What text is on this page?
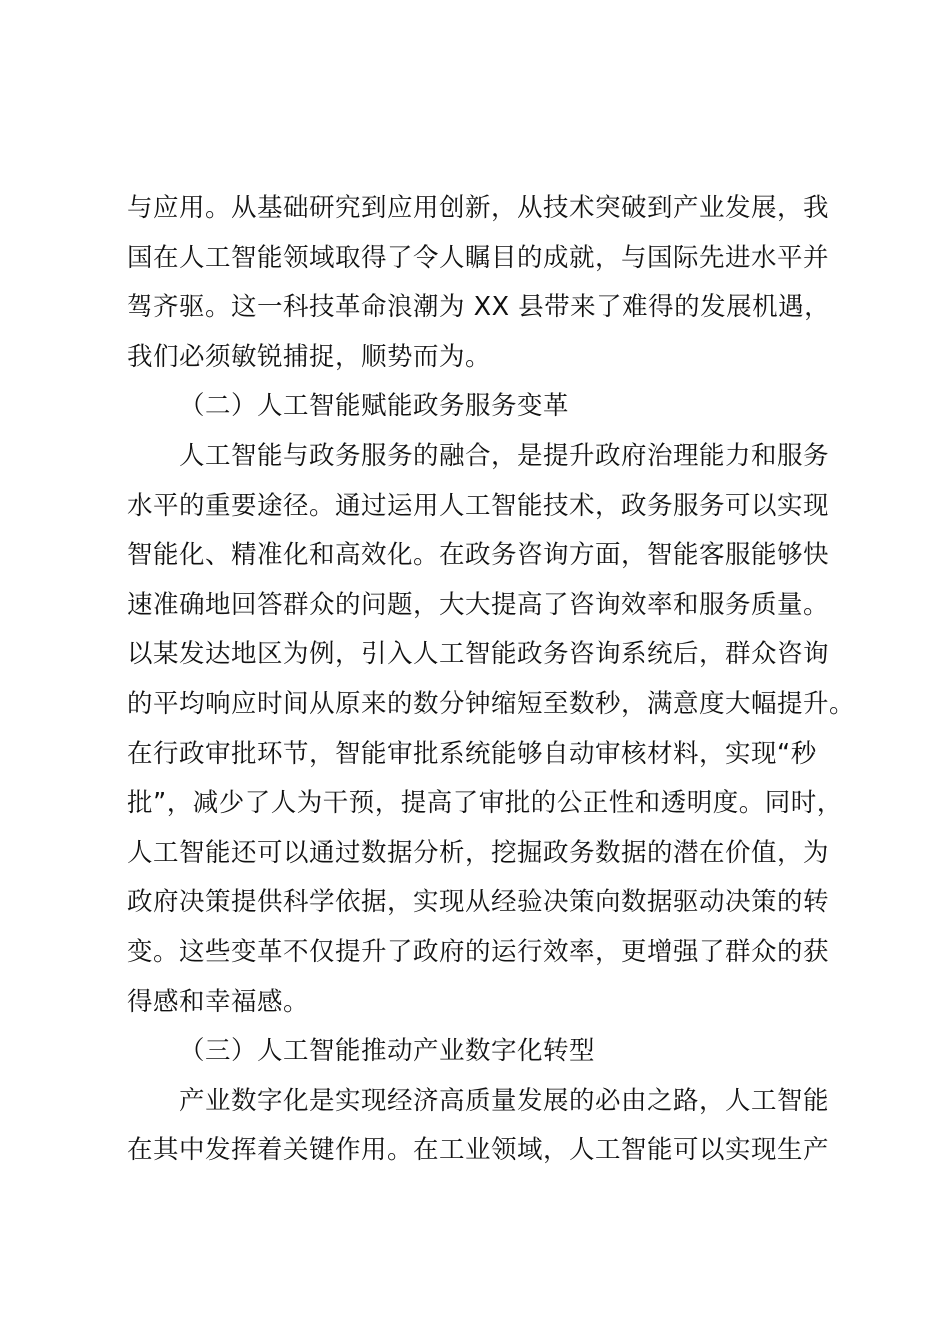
与应用。从基础研究到应用创新，从技术突破到产业发展，我
国在人工智能领域取得了令人瞩目的成就，与国际先进水平并
驾齐驱。这一科技革命浪潮为 XX 县带来了难得的发展机遇，
我们必须敏锐捕捉，顺势而为。
（二）人工智能赋能政务服务变革
人工智能与政务服务的融合，是提升政府治理能力和服务
水平的重要途径。通过运用人工智能技术，政务服务可以实现
智能化、精准化和高效化。在政务咨询方面，智能客服能够快
速准确地回答群众的问题，大大提高了咨询效率和服务质量。
以某发达地区为例，引入人工智能政务咨询系统后，群众咨询
的平均响应时间从原来的数分钟缩短至数秒，满意度大幅提升。
在行政审批环节，智能审批系统能够自动审核材料，实现“秒
批”，减少了人为干预，提高了审批的公正性和透明度。同时，
人工智能还可以通过数据分析，挖掘政务数据的潜在价值，为
政府决策提供科学依据，实现从经验决策向数据驱动决策的转
变。这些变革不仅提升了政府的运行效率，更增强了群众的获
得感和幸福感。
（三）人工智能推动产业数字化转型
产业数字化是实现经济高质量发展的必由之路，人工智能
在其中发挥着关键作用。在工业领域，人工智能可以实现生产
